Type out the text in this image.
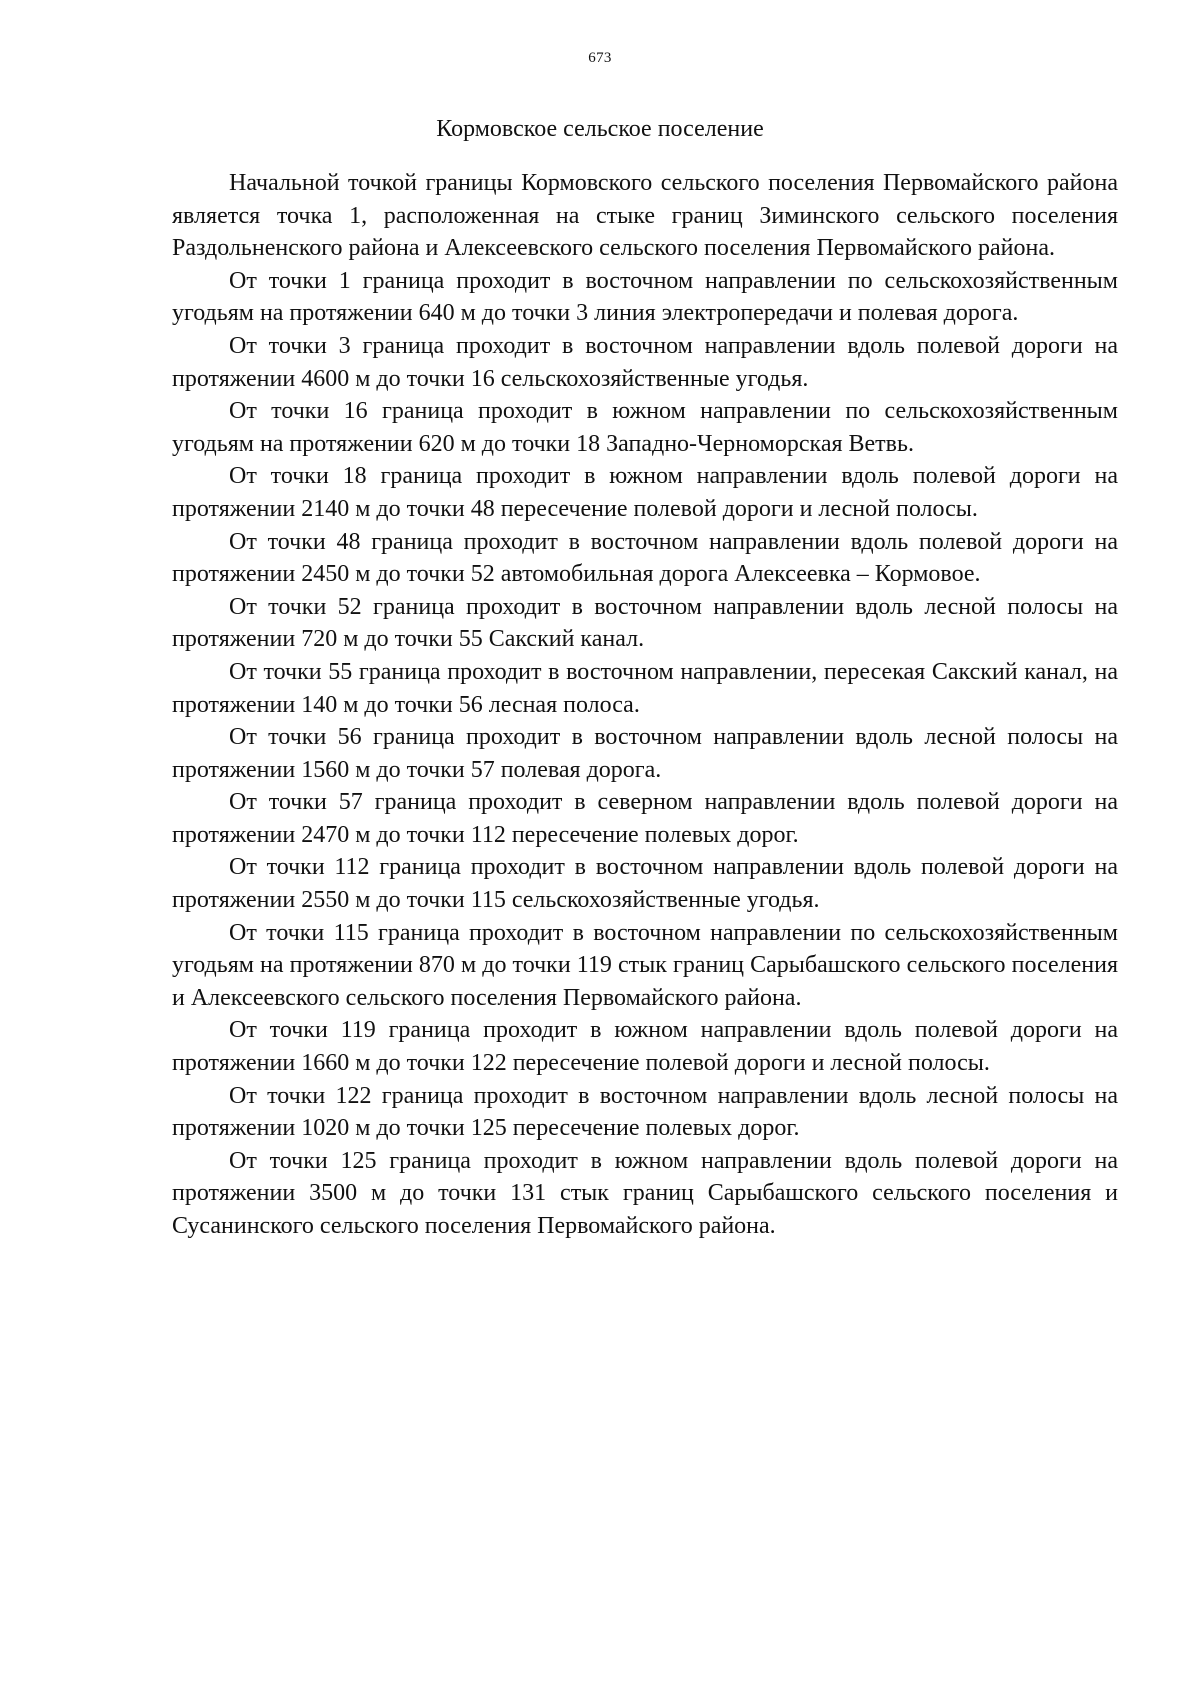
673
Кормовское сельское поселение

Начальной точкой границы Кормовского сельского поселения Первомайского района является точка 1, расположенная на стыке границ Зиминского сельского поселения Раздольненского района и Алексеевского сельского поселения Первомайского района.

От точки 1 граница проходит в восточном направлении по сельскохозяйственным угодьям на протяжении 640 м до точки 3 линия электропередачи и полевая дорога.

От точки 3 граница проходит в восточном направлении вдоль полевой дороги на протяжении 4600 м до точки 16 сельскохозяйственные угодья.

От точки 16 граница проходит в южном направлении по сельскохозяйственным угодьям на протяжении 620 м до точки 18 Западно-Черноморская Ветвь.

От точки 18 граница проходит в южном направлении вдоль полевой дороги на протяжении 2140 м до точки 48 пересечение полевой дороги и лесной полосы.

От точки 48 граница проходит в восточном направлении вдоль полевой дороги на протяжении 2450 м до точки 52 автомобильная дорога Алексеевка – Кормовое.

От точки 52 граница проходит в восточном направлении вдоль лесной полосы на протяжении 720 м до точки 55 Сакский канал.

От точки 55 граница проходит в восточном направлении, пересекая Сакский канал, на протяжении 140 м до точки 56 лесная полоса.

От точки 56 граница проходит в восточном направлении вдоль лесной полосы на протяжении 1560 м до точки 57 полевая дорога.

От точки 57 граница проходит в северном направлении вдоль полевой дороги на протяжении 2470 м до точки 112 пересечение полевых дорог.

От точки 112 граница проходит в восточном направлении вдоль полевой дороги на протяжении 2550 м до точки 115 сельскохозяйственные угодья.

От точки 115 граница проходит в восточном направлении по сельскохозяйственным угодьям на протяжении 870 м до точки 119 стык границ Сарыбашского сельского поселения и Алексеевского сельского поселения Первомайского района.

От точки 119 граница проходит в южном направлении вдоль полевой дороги на протяжении 1660 м до точки 122 пересечение полевой дороги и лесной полосы.

От точки 122 граница проходит в восточном направлении вдоль лесной полосы на протяжении 1020 м до точки 125 пересечение полевых дорог.

От точки 125 граница проходит в южном направлении вдоль полевой дороги на протяжении 3500 м до точки 131 стык границ Сарыбашского сельского поселения и Сусанинского сельского поселения Первомайского района.
